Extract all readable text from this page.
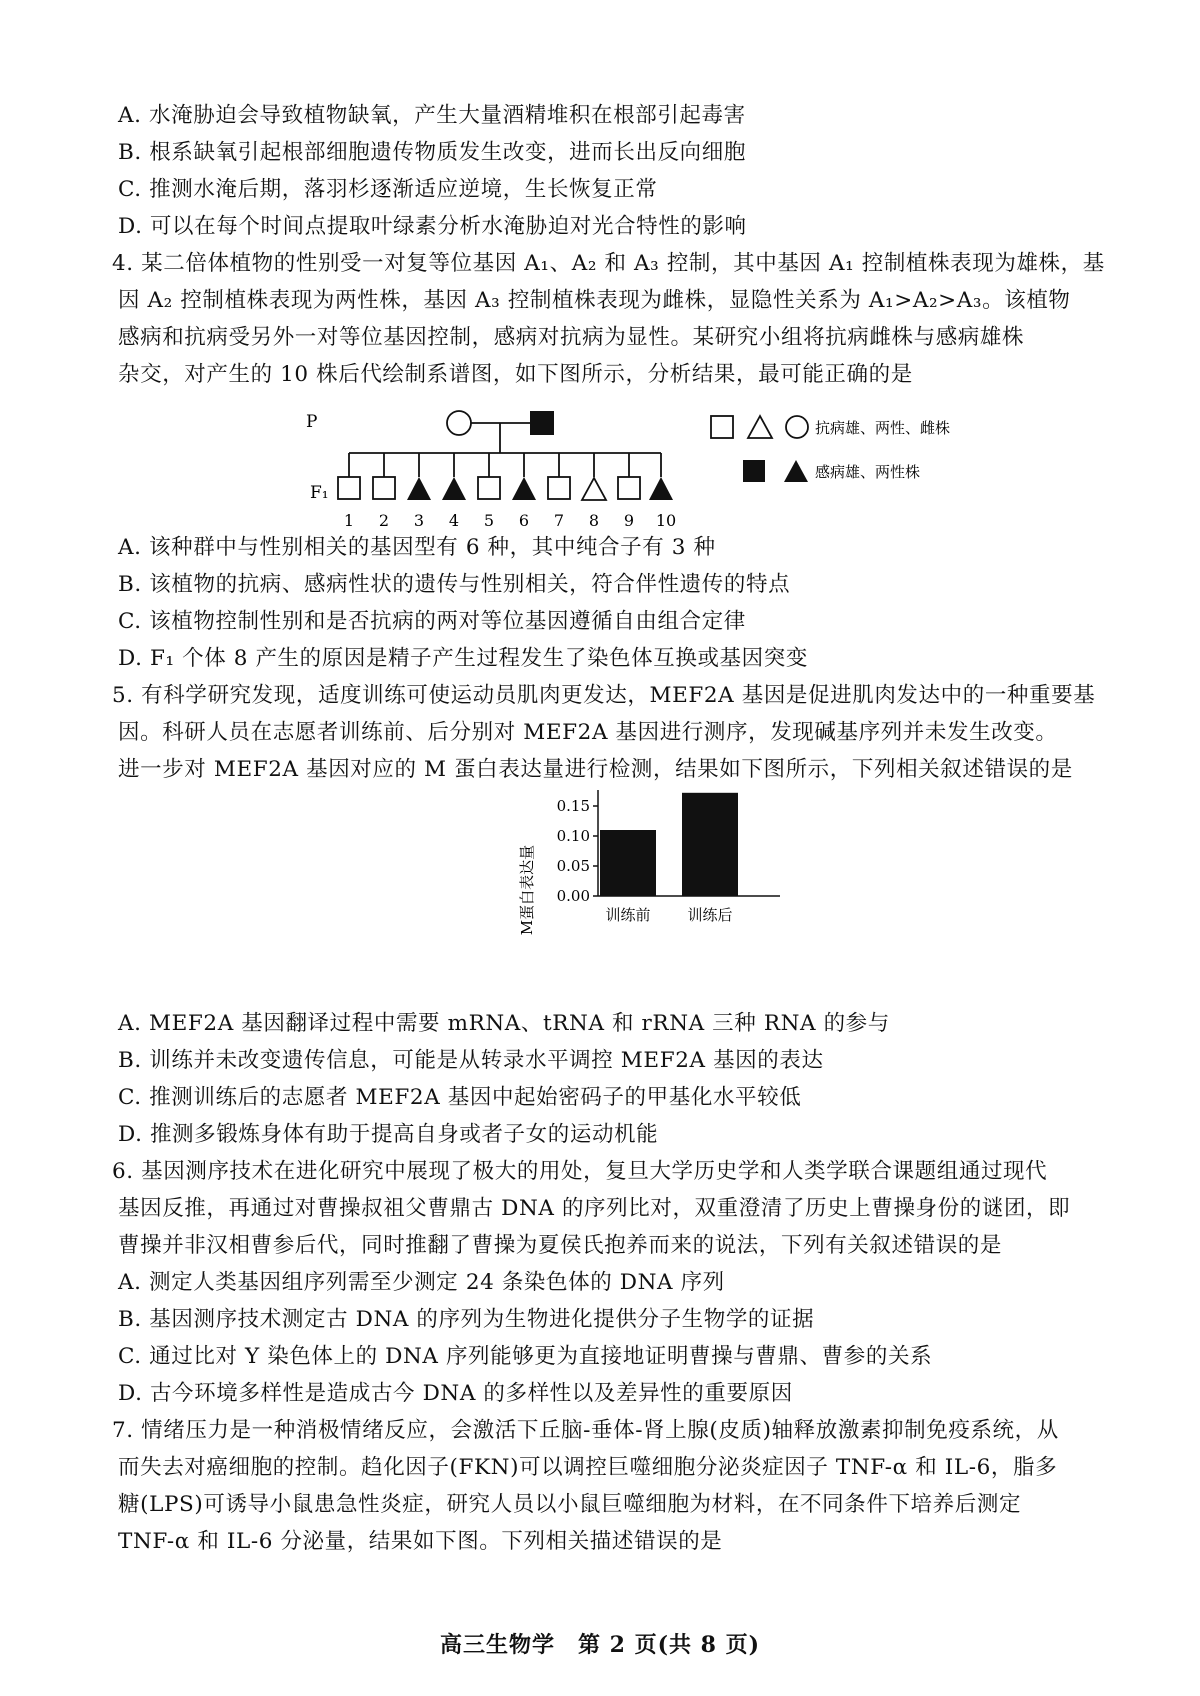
A. 水淹胁迫会导致植物缺氧，产生大量酒精堆积在根部引起毒害
B. 根系缺氧引起根部细胞遗传物质发生改变，进而长出反向细胞
C. 推测水淹后期，落羽杉逐渐适应逆境，生长恢复正常
D. 可以在每个时间点提取叶绿素分析水淹胁迫对光合特性的影响
4. 某二倍体植物的性别受一对复等位基因 A₁、A₂ 和 A₃ 控制，其中基因 A₁ 控制植株表现为雄株，基
因 A₂ 控制植株表现为两性株，基因 A₃ 控制植株表现为雌株，显隐性关系为 A₁>A₂>A₃。该植物
感病和抗病受另外一对等位基因控制，感病对抗病为显性。某研究小组将抗病雌株与感病雄株
杂交，对产生的 10 株后代绘制系谱图，如下图所示，分析结果，最可能正确的是
P
F₁
1 2 3 4 5 6 7 8 9 10
抗病雄、两性、雌株
感病雄、两性株
A. 该种群中与性别相关的基因型有 6 种，其中纯合子有 3 种
B. 该植物的抗病、感病性状的遗传与性别相关，符合伴性遗传的特点
C. 该植物控制性别和是否抗病的两对等位基因遵循自由组合定律
D. F₁ 个体 8 产生的原因是精子产生过程发生了染色体互换或基因突变
5. 有科学研究发现，适度训练可使运动员肌肉更发达，MEF2A 基因是促进肌肉发达中的一种重要基
因。科研人员在志愿者训练前、后分别对 MEF2A 基因进行测序，发现碱基序列并未发生改变。
进一步对 MEF2A 基因对应的 M 蛋白表达量进行检测，结果如下图所示，下列相关叙述错误的是
M蛋白表达量 0.00
0.05
0.10
0.15
训练前 训练后
A. MEF2A 基因翻译过程中需要 mRNA、tRNA 和 rRNA 三种 RNA 的参与
B. 训练并未改变遗传信息，可能是从转录水平调控 MEF2A 基因的表达
C. 推测训练后的志愿者 MEF2A 基因中起始密码子的甲基化水平较低
D. 推测多锻炼身体有助于提高自身或者子女的运动机能
6. 基因测序技术在进化研究中展现了极大的用处，复旦大学历史学和人类学联合课题组通过现代
基因反推，再通过对曹操叔祖父曹鼎古 DNA 的序列比对，双重澄清了历史上曹操身份的谜团，即
曹操并非汉相曹参后代，同时推翻了曹操为夏侯氏抱养而来的说法，下列有关叙述错误的是
A. 测定人类基因组序列需至少测定 24 条染色体的 DNA 序列
B. 基因测序技术测定古 DNA 的序列为生物进化提供分子生物学的证据
C. 通过比对 Y 染色体上的 DNA 序列能够更为直接地证明曹操与曹鼎、曹参的关系
D. 古今环境多样性是造成古今 DNA 的多样性以及差异性的重要原因
7. 情绪压力是一种消极情绪反应，会激活下丘脑-垂体-肾上腺(皮质)轴释放激素抑制免疫系统，从
而失去对癌细胞的控制。趋化因子(FKN)可以调控巨噬细胞分泌炎症因子 TNF-α 和 IL-6，脂多
糖(LPS)可诱导小鼠患急性炎症，研究人员以小鼠巨噬细胞为材料，在不同条件下培养后测定
TNF-α 和 IL-6 分泌量，结果如下图。下列相关描述错误的是
高三生物学　第 2 页(共 8 页)
